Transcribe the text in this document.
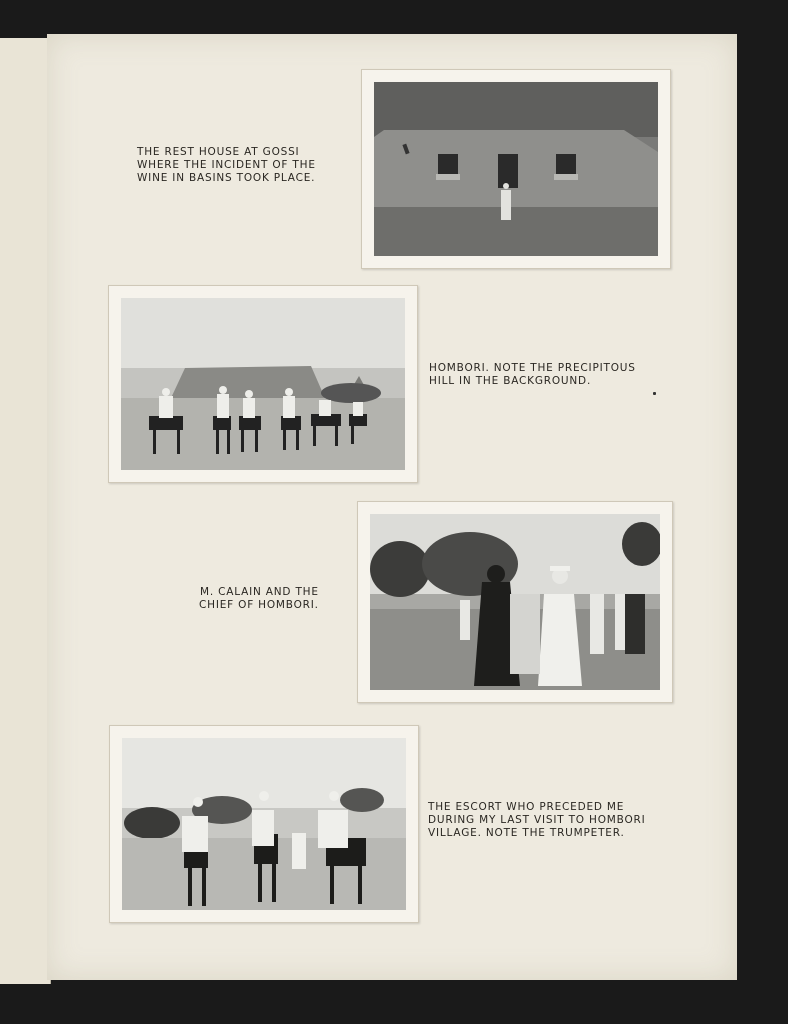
THE REST HOUSE AT GOSSI
WHERE THE INCIDENT OF THE
WINE IN BASINS TOOK PLACE.
HOMBORI. NOTE THE PRECIPITOUS
HILL IN THE BACKGROUND.
M. CALAIN AND THE
CHIEF OF HOMBORI.
THE ESCORT WHO PRECEDED ME
DURING MY LAST VISIT TO HOMBORI
VILLAGE. NOTE THE TRUMPETER.
